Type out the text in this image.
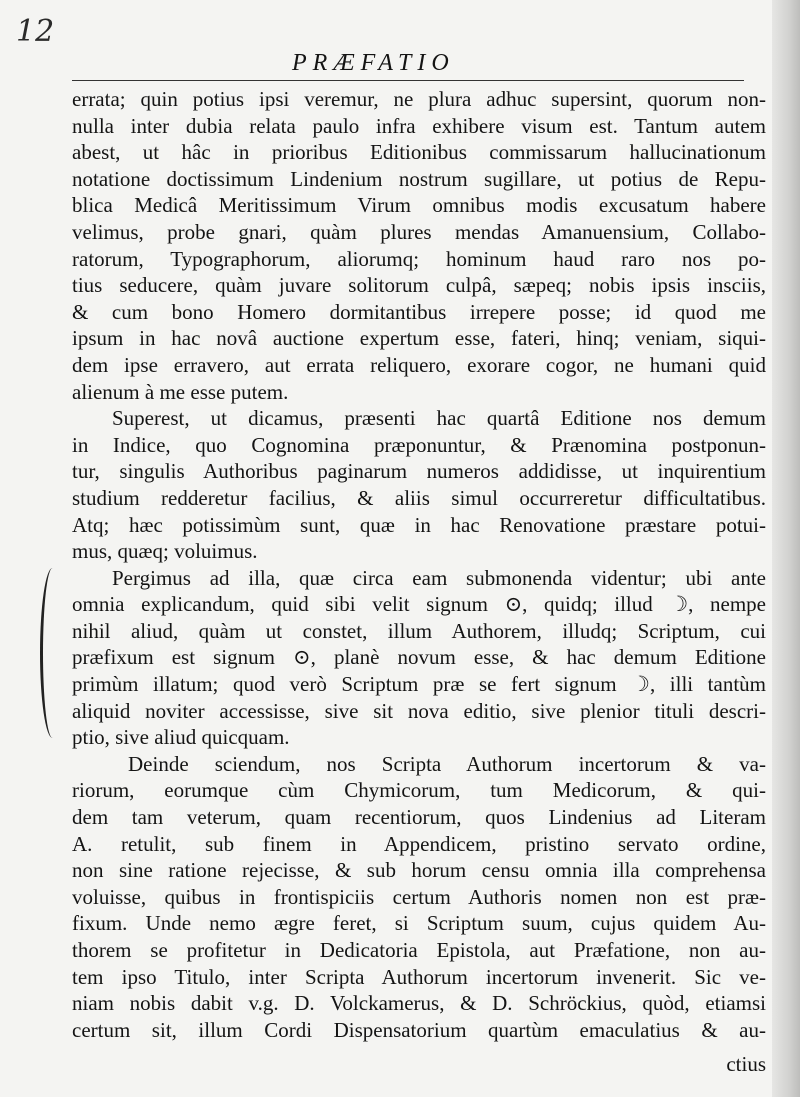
12
PRÆFATIO
errata; quin potius ipsi veremur, ne plura adhuc supersint, quorum non-
nulla inter dubia relata paulo infra exhibere visum est. Tantum autem
abest, ut hâc in prioribus Editionibus commissarum hallucinationum
notatione doctissimum Lindenium nostrum sugillare, ut potius de Repu-
blica Medicâ Meritissimum Virum omnibus modis excusatum habere
velimus, probe gnari, quàm plures mendas Amanuensium, Collabo-
ratorum, Typographorum, aliorumq; hominum haud raro nos po-
tius seducere, quàm juvare solitorum culpâ, sæpeq; nobis ipsis insciis,
& cum bono Homero dormitantibus irrepere posse; id quod me
ipsum in hac novâ auctione expertum esse, fateri, hinq; veniam, siqui-
dem ipse erravero, aut errata reliquero, exorare cogor, ne humani quid
alienum à me esse putem.
Superest, ut dicamus, præsenti hac quartâ Editione nos demum
in Indice, quo Cognomina præponuntur, & Prænomina postponun-
tur, singulis Authoribus paginarum numeros addidisse, ut inquirentium
studium redderetur facilius, & aliis simul occurreretur difficultatibus.
Atq; hæc potissimùm sunt, quæ in hac Renovatione præstare potui-
mus, quæq; voluimus.
Pergimus ad illa, quæ circa eam submonenda videntur; ubi ante
omnia explicandum, quid sibi velit signum ⊙, quidq; illud ☽, nempe
nihil aliud, quàm ut constet, illum Authorem, illudq; Scriptum, cui
præfixum est signum ⊙, planè novum esse, & hac demum Editione
primùm illatum; quod verò Scriptum præ se fert signum ☽, illi tantùm
aliquid noviter accessisse, sive sit nova editio, sive plenior tituli descri-
ptio, sive aliud quicquam.
Deinde sciendum, nos Scripta Authorum incertorum & va-
riorum, eorumque cùm Chymicorum, tum Medicorum, & qui-
dem tam veterum, quam recentiorum, quos Lindenius ad Literam
A. retulit, sub finem in Appendicem, pristino servato ordine,
non sine ratione rejecisse, & sub horum censu omnia illa comprehensa
voluisse, quibus in frontispiciis certum Authoris nomen non est præ-
fixum. Unde nemo ægre feret, si Scriptum suum, cujus quidem Au-
thorem se profitetur in Dedicatoria Epistola, aut Præfatione, non au-
tem ipso Titulo, inter Scripta Authorum incertorum invenerit. Sic ve-
niam nobis dabit v.g. D. Volckamerus, & D. Schröckius, quòd, etiamsi
certum sit, illum Cordi Dispensatorium quartùm emaculatius & au-
ctius
